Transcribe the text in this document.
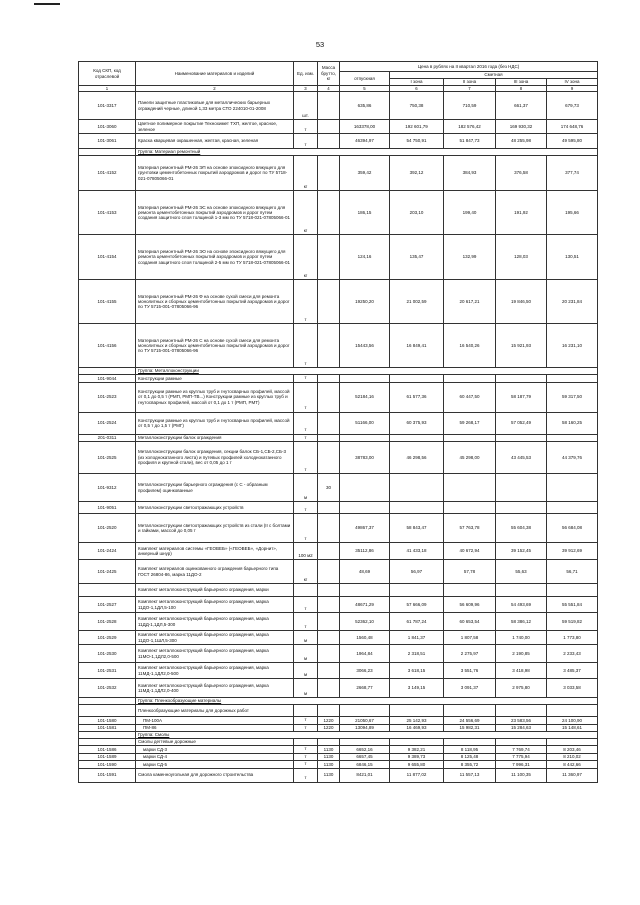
53
Код СКП, код отраслевой	Наименование материалов и изделий	Ед. изм.	Масса брутто, кг	Цена в рублях на II квартал 2016 года (без НДС)				
				отпускная	Сметная			
					I зона	II зона	III зона	IV зона
1	2	3	4	5	6	7	8	9
101-3317	Панели защитные пластиковые для металлических барьерных ограждений черные, длиной 1,33 метра СТО 224010-01-2008	шт.		635,86	750,38	710,59	661,37	679,73
101-3060	Цветное полимерное покрытие Технохимет ТХП, желтое, красное, зеленое	т		163378,00	192 601,79	182 576,42	169 930,32	174 648,76
101-3061	Краска кварцевая окрашенная, желтая, красная, зеленая	т		46394,97	54 750,91	51 847,73	48 255,98	49 595,80
	Группа: Материал ремонтный							
101-4152	Материал ремонтный РМ-26 ЭП на основе эпоксидного вяжущего для грунтовки цементобетонных покрытий аэродромов и дорог по ТУ 5718-021-07805066-01	кг		359,42	392,12	384,93	376,58	377,74
101-4153	Материал ремонтный РМ-26 ЭС на основе эпоксидного вяжущего для ремонта цементобетонных покрытий аэродромов и дорог путем создания защитного слоя толщиной 1-3 мм по ТУ 5718-021-07805066-01	кг		186,15	203,10	199,40	191,92	195,66
101-4154	Материал ремонтный РМ-26 ЭО на основе эпоксидного вяжущего для ремонта цементобетонных покрытий аэродромов и дорог путем создания защитного слоя толщиной 2-5 мм по ТУ 5718-021-07805066-01	кг		124,16	135,47	132,99	128,03	130,51
101-4155	Материал ремонтный РМ-26 Ф на основе сухой смеси для ремонта монолитных и сборных цементобетонных покрытий аэродромов и дорог по ТУ 5715-001-07805066-96	т		19250,20	21 002,59	20 617,21	19 846,50	20 231,84
101-4156	Материал ремонтный РМ-26 С на основе сухой смеси для ремонта монолитных и сборных цементобетонных покрытий аэродромов и дорог по ТУ 5715-001-07805066-96	т		15443,56	16 849,41	16 540,26	15 921,93	16 231,10
	Группа: Металлоконструкции							
101-9044	Конструкции рамные	т						
101-2523	Конструкции рамные из круглых труб и гнутосварных профилей, массой от 0,1 до 0,5 т (РМП, РМП-ТВ...) Конструкции рамные из круглых труб и гнутосварных профилей, массой от 0,1 до 1 т (РМП, РМТ)	т		52184,16	61 577,36	60 447,50	58 187,79	59 317,50
101-2524	Конструкции рамные из круглых труб и гнутосварных профилей, массой от 0,5 т до 1,5 т (РМГ)	т		51166,00	60 375,93	59 268,17	57 052,49	58 160,25
201-0311	Металлоконструкции балок ограждения	т						
101-2525	Металлоконструкции балок ограждения, секции балок СБ-1,СБ-2,СБ-3 (из холоднокатанного листа) и путевых профилей холоднокатанного профиля и крупной стали), вес от 0,05 до 1 т	т		38783,00	46 298,56	45 298,00	43 445,53	44 379,76
101-9312	Металлоконструкции барьерного ограждения (с С - образным профилем) оцинкованные	м	30					
101-9051	Металлоконструкции светоотражающих устройств	т						
101-2520	Металлоконструкции светоотражающих устройств из стали (II с болтами и гайками, массой до 0,05 т	т		49867,37	58 843,47	57 763,78	55 604,38	56 684,08
101-2424	Комплект материалов системы «ГЕОВЕБ» («ГЕОВЕБ», «Дорнит», анкерный шнур)	100 м2		35112,86	41 433,18	40 672,94	39 152,45	39 912,69
101-2425	Комплект материалов оцинкованного ограждения барьерного типа ГОСТ 26804-86, марка 11ДО-2	кг		48,69	56,97	57,78	55,63	56,71
	Комплект металлоконструкций барьерного ограждения, марки							
101-2527	Комплект металлоконструкций барьерного ограждения, марка 11ДО-1,1ДЛ,5-100	т		48671,29	57 666,09	56 609,96	54 493,69	55 551,84
101-2528	Комплект металлоконструкций барьерного ограждения, марка 11ДД-1,1ДЛ,5-300	т		52362,10	61 787,24	60 653,54	58 386,12	59 519,82
101-2529	Комплект металлоконструкций барьерного ограждения, марка 11ДО-1,1ШЛ,5-300	м		1560,48	1 841,37	1 807,58	1 740,00	1 773,80
101-2530	Комплект металлоконструкций барьерного ограждения, марка 11МО-1,1ДЛ2,0-500	м		1964,84	2 318,51	2 275,97	2 190,85	2 233,43
101-2531	Комплект металлоконструкций барьерного ограждения, марка 11МД-1,1ДЛ2,0-500	м		3066,23	3 618,15	3 551,76	3 418,98	3 485,37
101-2532	Комплект металлоконструкций барьерного ограждения, марка 11МД-1,1ДЛ2,0-400	м		2668,77	3 149,15	3 091,37	2 975,80	3 033,58
	Группа: Пленкообразующие материалы							
	Пленкообразующие материалы для дорожных работ							
101-1580	ПМ-100А	т	1220	21050,67	25 142,93	24 556,69	23 583,56	24 100,90
101-1581	ПМ-86	т	1220	13094,89	16 469,93	15 982,31	15 284,63	15 148,61
	Группа: Смолы							
	Смолы дегтевые дорожные							
101-1586	марки СД-3	т	1130	6652,16	9 382,21	8 118,95	7 769,74	8 203,46
101-1589	марки СД-4	т	1130	6657,45	9 389,73	8 125,48	7 775,94	8 210,02
101-1590	марки СД-5	т	1130	6846,15	9 655,80	8 355,72	7 996,31	8 442,66
101-1591	Смола каменноугольная для дорожного строительства	т	1130	8421,01	11 877,02	11 557,13	11 100,35	11 360,97
